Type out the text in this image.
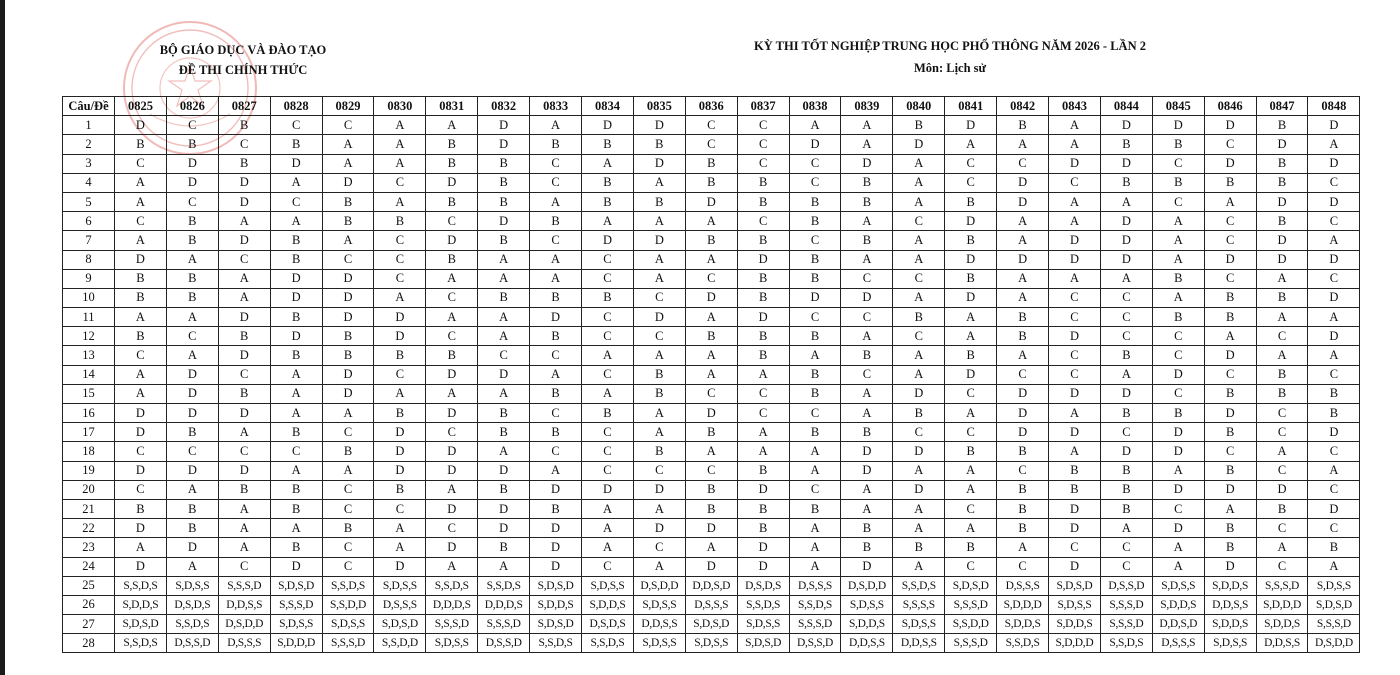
BỘ GIÁO DỤC VÀ ĐÀO TẠO
ĐỀ THI CHÍNH THỨC
KỲ THI TỐT NGHIỆP TRUNG HỌC PHỔ THÔNG NĂM 2026 - LẦN 2
Môn: Lịch sử
Câu/Đề	0825	0826	0827	0828	0829	0830	0831	0832	0833	0834	0835	0836	0837	0838	0839	0840	0841	0842	0843	0844	0845	0846	0847	0848
1	D	C	B	C	C	A	A	D	A	D	D	C	C	A	A	B	D	B	A	D	D	D	B	D
2	B	B	C	B	A	A	B	D	B	B	B	C	C	D	A	D	A	A	A	B	B	C	D	A
3	C	D	B	D	A	A	B	B	C	A	D	B	C	C	D	A	C	C	D	D	C	D	B	D
4	A	D	D	A	D	C	D	B	C	B	A	B	B	C	B	A	C	D	C	B	B	B	B	C
5	A	C	D	C	B	A	B	B	A	B	B	D	B	B	B	A	B	D	A	A	C	A	D	D
6	C	B	A	A	B	B	C	D	B	A	A	A	C	B	A	C	D	A	A	D	A	C	B	C
7	A	B	D	B	A	C	D	B	C	D	D	B	B	C	B	A	B	A	D	D	A	C	D	A
8	D	A	C	B	C	C	B	A	A	C	A	A	D	B	A	A	D	D	D	D	A	D	D	D
9	B	B	A	D	D	C	A	A	A	C	A	C	B	B	C	C	B	A	A	A	B	C	A	C
10	B	B	A	D	D	A	C	B	B	B	C	D	B	D	D	A	D	A	C	C	A	B	B	D
11	A	A	D	B	D	D	A	A	D	C	D	A	D	C	C	B	A	B	C	C	B	B	A	A
12	B	C	B	D	B	D	C	A	B	C	C	B	B	B	A	C	A	B	D	C	C	A	C	D
13	C	A	D	B	B	B	B	C	C	A	A	A	B	A	B	A	B	A	C	B	C	D	A	A
14	A	D	C	A	D	C	D	D	A	C	B	A	A	B	C	A	D	C	C	A	D	C	B	C
15	A	D	B	A	D	A	A	A	B	A	B	C	C	B	A	D	C	D	D	D	C	B	B	B
16	D	D	D	A	A	B	D	B	C	B	A	D	C	C	A	B	A	D	A	B	B	D	C	B
17	D	B	A	B	C	D	C	B	B	C	A	B	A	B	B	C	C	D	D	C	D	B	C	D
18	C	C	C	C	B	D	D	A	C	C	B	A	A	A	D	D	B	B	A	D	D	C	A	C
19	D	D	D	A	A	D	D	D	A	C	C	C	B	A	D	A	A	C	B	B	A	B	C	A
20	C	A	B	B	C	B	A	B	D	D	D	B	D	C	A	D	A	B	B	B	D	D	D	C
21	B	B	A	B	C	C	D	D	B	A	A	B	B	B	A	A	C	B	D	B	C	A	B	D
22	D	B	A	A	B	A	C	D	D	A	D	D	B	A	B	A	A	B	D	A	D	B	C	C
23	A	D	A	B	C	A	D	B	D	A	C	A	D	A	B	B	B	A	C	C	A	B	A	B
24	D	A	C	D	C	D	A	A	D	C	A	D	D	A	D	A	C	C	D	C	A	D	C	A
25	S,S,D,S	S,D,S,S	S,S,S,D	S,D,S,D	S,S,D,S	S,D,S,S	S,S,D,S	S,S,D,S	S,D,S,D	S,D,S,S	D,S,D,D	D,D,S,D	D,S,D,S	D,S,S,S	D,S,D,D	S,S,D,S	S,D,S,D	D,S,S,S	S,D,S,D	D,S,S,D	S,D,S,S	S,D,D,S	S,S,S,D	S,D,S,S
26	S,D,D,S	D,S,D,S	D,D,S,S	S,S,S,D	S,S,D,D	D,S,S,S	D,D,D,S	D,D,D,S	S,D,D,S	S,D,D,S	S,D,S,S	D,S,S,S	S,S,D,S	S,S,D,S	S,D,S,S	S,S,S,S	S,S,S,D	S,D,D,D	S,D,S,S	S,S,S,D	S,D,D,S	D,D,S,S	S,D,D,D	S,D,S,D
27	S,D,S,D	S,S,D,S	D,S,D,D	S,D,S,S	S,D,S,S	S,D,S,D	S,S,S,D	S,S,S,D	S,D,S,D	D,S,D,S	D,D,S,S	S,D,S,D	S,D,S,S	S,S,S,D	S,D,D,S	S,D,S,S	S,S,D,D	S,D,D,S	S,D,D,S	S,S,S,D	D,D,S,D	S,D,D,S	S,D,D,S	S,S,S,D
28	S,S,D,S	D,S,S,D	D,S,S,S	S,D,D,D	S,S,S,D	S,S,D,D	S,D,S,S	D,S,S,D	S,S,D,S	S,S,D,S	S,D,S,S	S,D,S,S	S,D,S,D	D,S,S,D	D,D,S,S	D,D,S,S	S,S,S,D	S,S,D,S	S,D,D,D	S,S,D,S	D,S,S,S	S,D,S,S	D,D,S,S	D,S,D,D
